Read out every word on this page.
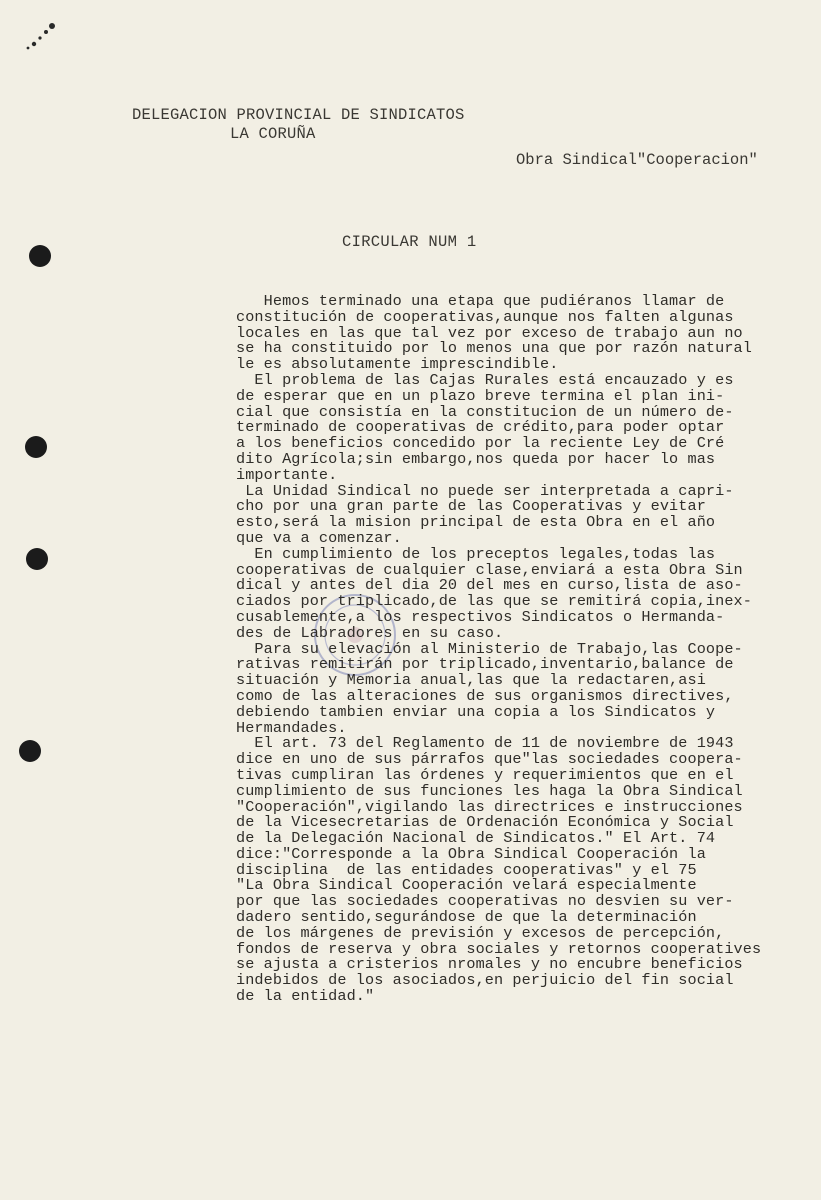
DELEGACION PROVINCIAL DE SINDICATOS
LA CORUÑA
Obra Sindical"Cooperacion"
CIRCULAR NUM 1
Hemos terminado una etapa que pudiéranos llamar de
constitución de cooperativas,aunque nos falten algunas
locales en las que tal vez por exceso de trabajo aun no
se ha constituido por lo menos una que por razón natural
le es absolutamente imprescindible.
El problema de las Cajas Rurales está encauzado y es
de esperar que en un plazo breve termina el plan ini-
cial que consistía en la constitucion de un número de-
terminado de cooperativas de crédito,para poder optar
a los beneficios concedido por la reciente Ley de Cré
dito Agrícola;sin embargo,nos queda por hacer lo mas
importante.
La Unidad Sindical no puede ser interpretada a capri-
cho por una gran parte de las Cooperativas y evitar
esto,será la mision principal de esta Obra en el año
que va a comenzar.
En cumplimiento de los preceptos legales,todas las
cooperativas de cualquier clase,enviará a esta Obra Sin
dical y antes del dia 20 del mes en curso,lista de aso-
ciados por triplicado,de las que se remitirá copia,inex-
cusablemente,a los respectivos Sindicatos o Hermanda-
des de Labradores en su caso.
Para su elevación al Ministerio de Trabajo,las Coope-
rativas remitirán por triplicado,inventario,balance de
situación y Memoria anual,las que la redactaren,asi
como de las alteraciones de sus organismos directives,
debiendo tambien enviar una copia a los Sindicatos y
Hermandades.
El art. 73 del Reglamento de 11 de noviembre de 1943
dice en uno de sus párrafos que"las sociedades coopera-
tivas cumpliran las órdenes y requerimientos que en el
cumplimiento de sus funciones les haga la Obra Sindical
"Cooperación",vigilando las directrices e instrucciones
de la Vicesecretarias de Ordenación Económica y Social
de la Delegación Nacional de Sindicatos." El Art. 74
dice:"Corresponde a la Obra Sindical Cooperación la
disciplina  de las entidades cooperativas" y el 75
"La Obra Sindical Cooperación velará especialmente
por que las sociedades cooperativas no desvien su ver-
dadero sentido,segurándose de que la determinación
de los márgenes de previsión y excesos de percepción,
fondos de reserva y obra sociales y retornos cooperatives
se ajusta a cristerios nromales y no encubre beneficios
indebidos de los asociados,en perjuicio del fin social
de la entidad."
